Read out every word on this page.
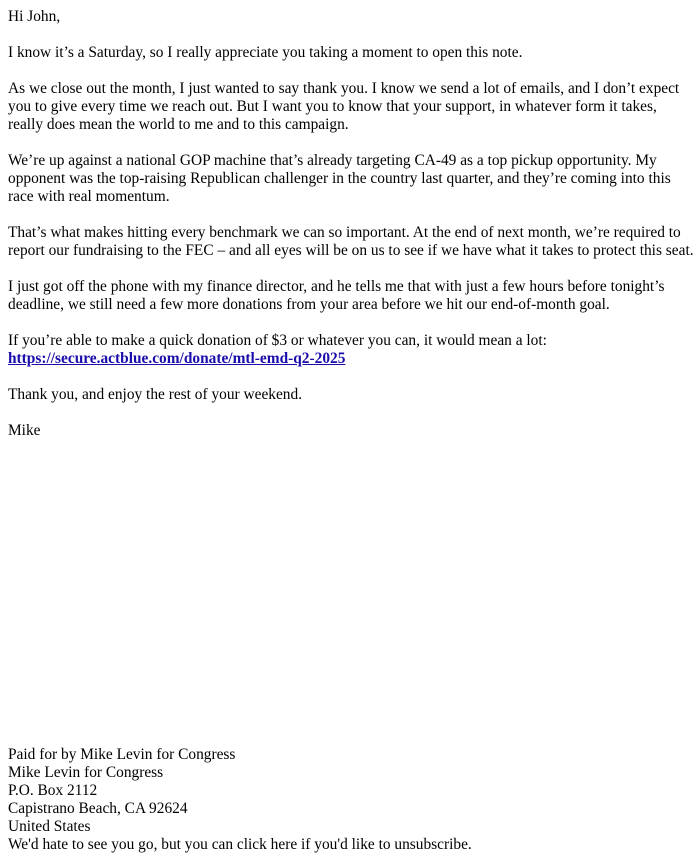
Hi John,

I know it’s a Saturday, so I really appreciate you taking a moment to open this note.

As we close out the month, I just wanted to say thank you. I know we send a lot of emails, and I don’t expect you to give every time we reach out. But I want you to know that your support, in whatever form it takes, really does mean the world to me and to this campaign.

We’re up against a national GOP machine that’s already targeting CA-49 as a top pickup opportunity. My opponent was the top-raising Republican challenger in the country last quarter, and they’re coming into this race with real momentum.

That’s what makes hitting every benchmark we can so important. At the end of next month, we’re required to report our fundraising to the FEC – and all eyes will be on us to see if we have what it takes to protect this seat.

I just got off the phone with my finance director, and he tells me that with just a few hours before tonight’s deadline, we still need a few more donations from your area before we hit our end-of-month goal.

If you’re able to make a quick donation of $3 or whatever you can, it would mean a lot:
https://secure.actblue.com/donate/mtl-emd-q2-2025

Thank you, and enjoy the rest of your weekend.

Mike

Paid for by Mike Levin for Congress
Mike Levin for Congress
P.O. Box 2112
Capistrano Beach, CA 92624
United States
We'd hate to see you go, but you can click here if you'd like to unsubscribe.
